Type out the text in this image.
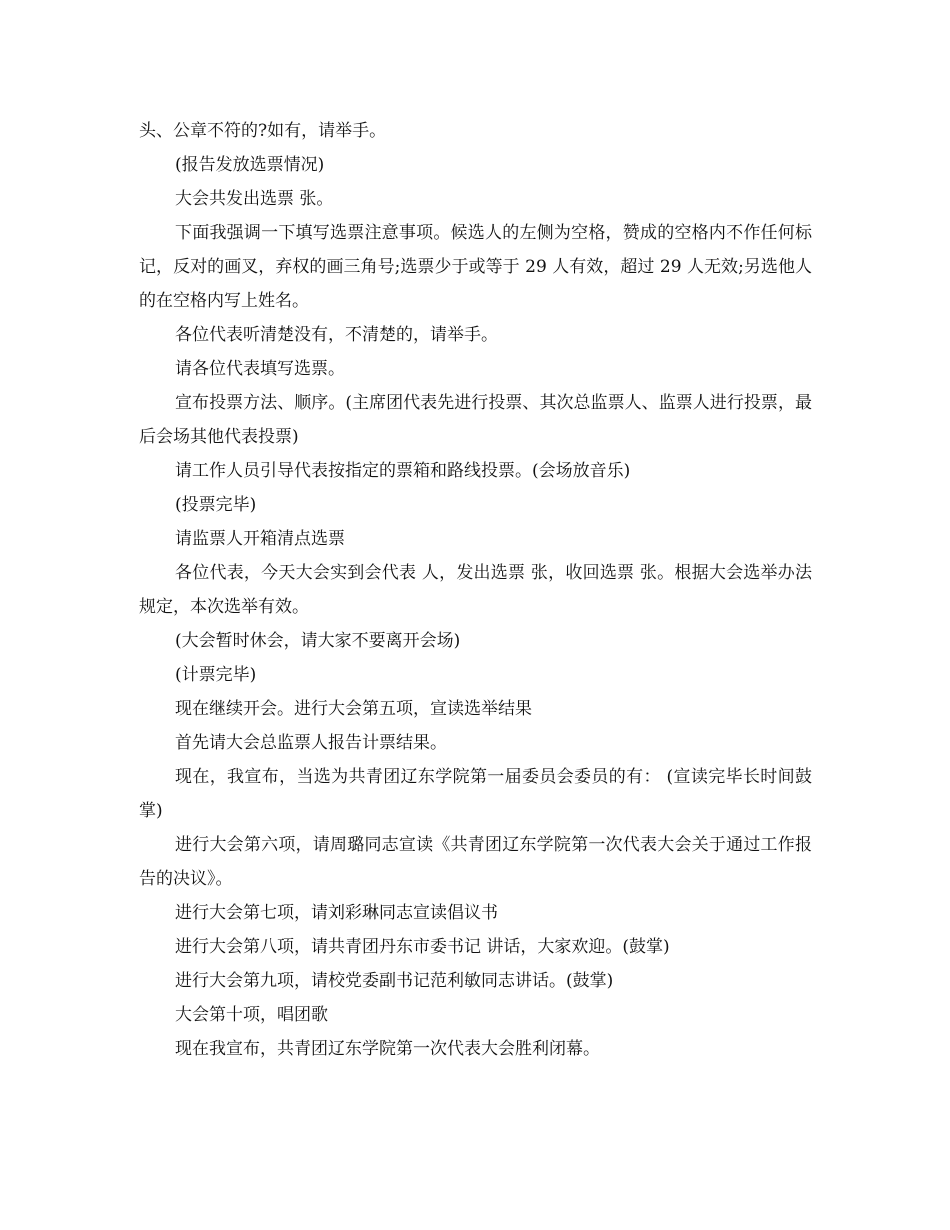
头、公章不符的?如有，请举手。

(报告发放选票情况)

大会共发出选票 张。

下面我强调一下填写选票注意事项。候选人的左侧为空格，赞成的空格内不作任何标记，反对的画叉，弃权的画三角号;选票少于或等于 29 人有效，超过 29 人无效;另选他人的在空格内写上姓名。

各位代表听清楚没有，不清楚的，请举手。

请各位代表填写选票。

宣布投票方法、顺序。(主席团代表先进行投票、其次总监票人、监票人进行投票，最后会场其他代表投票)

请工作人员引导代表按指定的票箱和路线投票。(会场放音乐)

(投票完毕)

请监票人开箱清点选票

各位代表，今天大会实到会代表 人，发出选票 张，收回选票 张。根据大会选举办法规定，本次选举有效。

(大会暂时休会，请大家不要离开会场)

(计票完毕)

现在继续开会。进行大会第五项，宣读选举结果

首先请大会总监票人报告计票结果。

现在，我宣布，当选为共青团辽东学院第一届委员会委员的有： (宣读完毕长时间鼓掌)

进行大会第六项，请周璐同志宣读《共青团辽东学院第一次代表大会关于通过工作报告的决议》。

进行大会第七项，请刘彩琳同志宣读倡议书

进行大会第八项，请共青团丹东市委书记 讲话，大家欢迎。(鼓掌)

进行大会第九项，请校党委副书记范利敏同志讲话。(鼓掌)

大会第十项，唱团歌

现在我宣布，共青团辽东学院第一次代表大会胜利闭幕。
